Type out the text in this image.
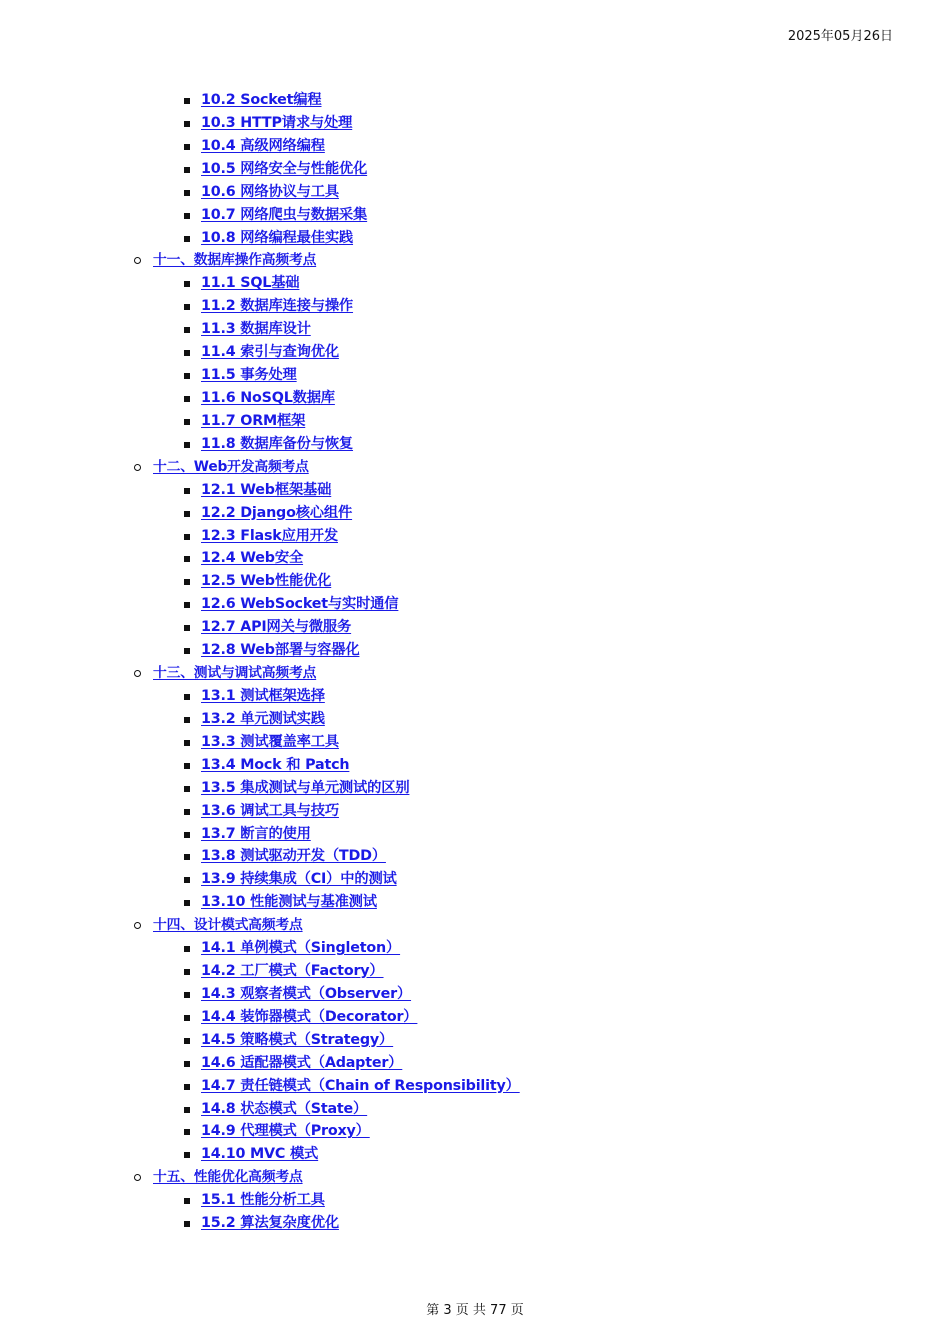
2025年05月26日
10.2 Socket编程
10.3 HTTP请求与处理
10.4 高级网络编程
10.5 网络安全与性能优化
10.6 网络协议与工具
10.7 网络爬虫与数据采集
10.8 网络编程最佳实践
十一、数据库操作高频考点
11.1 SQL基础
11.2 数据库连接与操作
11.3 数据库设计
11.4 索引与查询优化
11.5 事务处理
11.6 NoSQL数据库
11.7 ORM框架
11.8 数据库备份与恢复
十二、Web开发高频考点
12.1 Web框架基础
12.2 Django核心组件
12.3 Flask应用开发
12.4 Web安全
12.5 Web性能优化
12.6 WebSocket与实时通信
12.7 API网关与微服务
12.8 Web部署与容器化
十三、测试与调试高频考点
13.1 测试框架选择
13.2 单元测试实践
13.3 测试覆盖率工具
13.4 Mock 和 Patch
13.5 集成测试与单元测试的区别
13.6 调试工具与技巧
13.7 断言的使用
13.8 测试驱动开发（TDD）
13.9 持续集成（CI）中的测试
13.10 性能测试与基准测试
十四、设计模式高频考点
14.1 单例模式（Singleton）
14.2 工厂模式（Factory）
14.3 观察者模式（Observer）
14.4 装饰器模式（Decorator）
14.5 策略模式（Strategy）
14.6 适配器模式（Adapter）
14.7 责任链模式（Chain of Responsibility）
14.8 状态模式（State）
14.9 代理模式（Proxy）
14.10 MVC 模式
十五、性能优化高频考点
15.1 性能分析工具
15.2 算法复杂度优化
第 3 页 共 77 页
